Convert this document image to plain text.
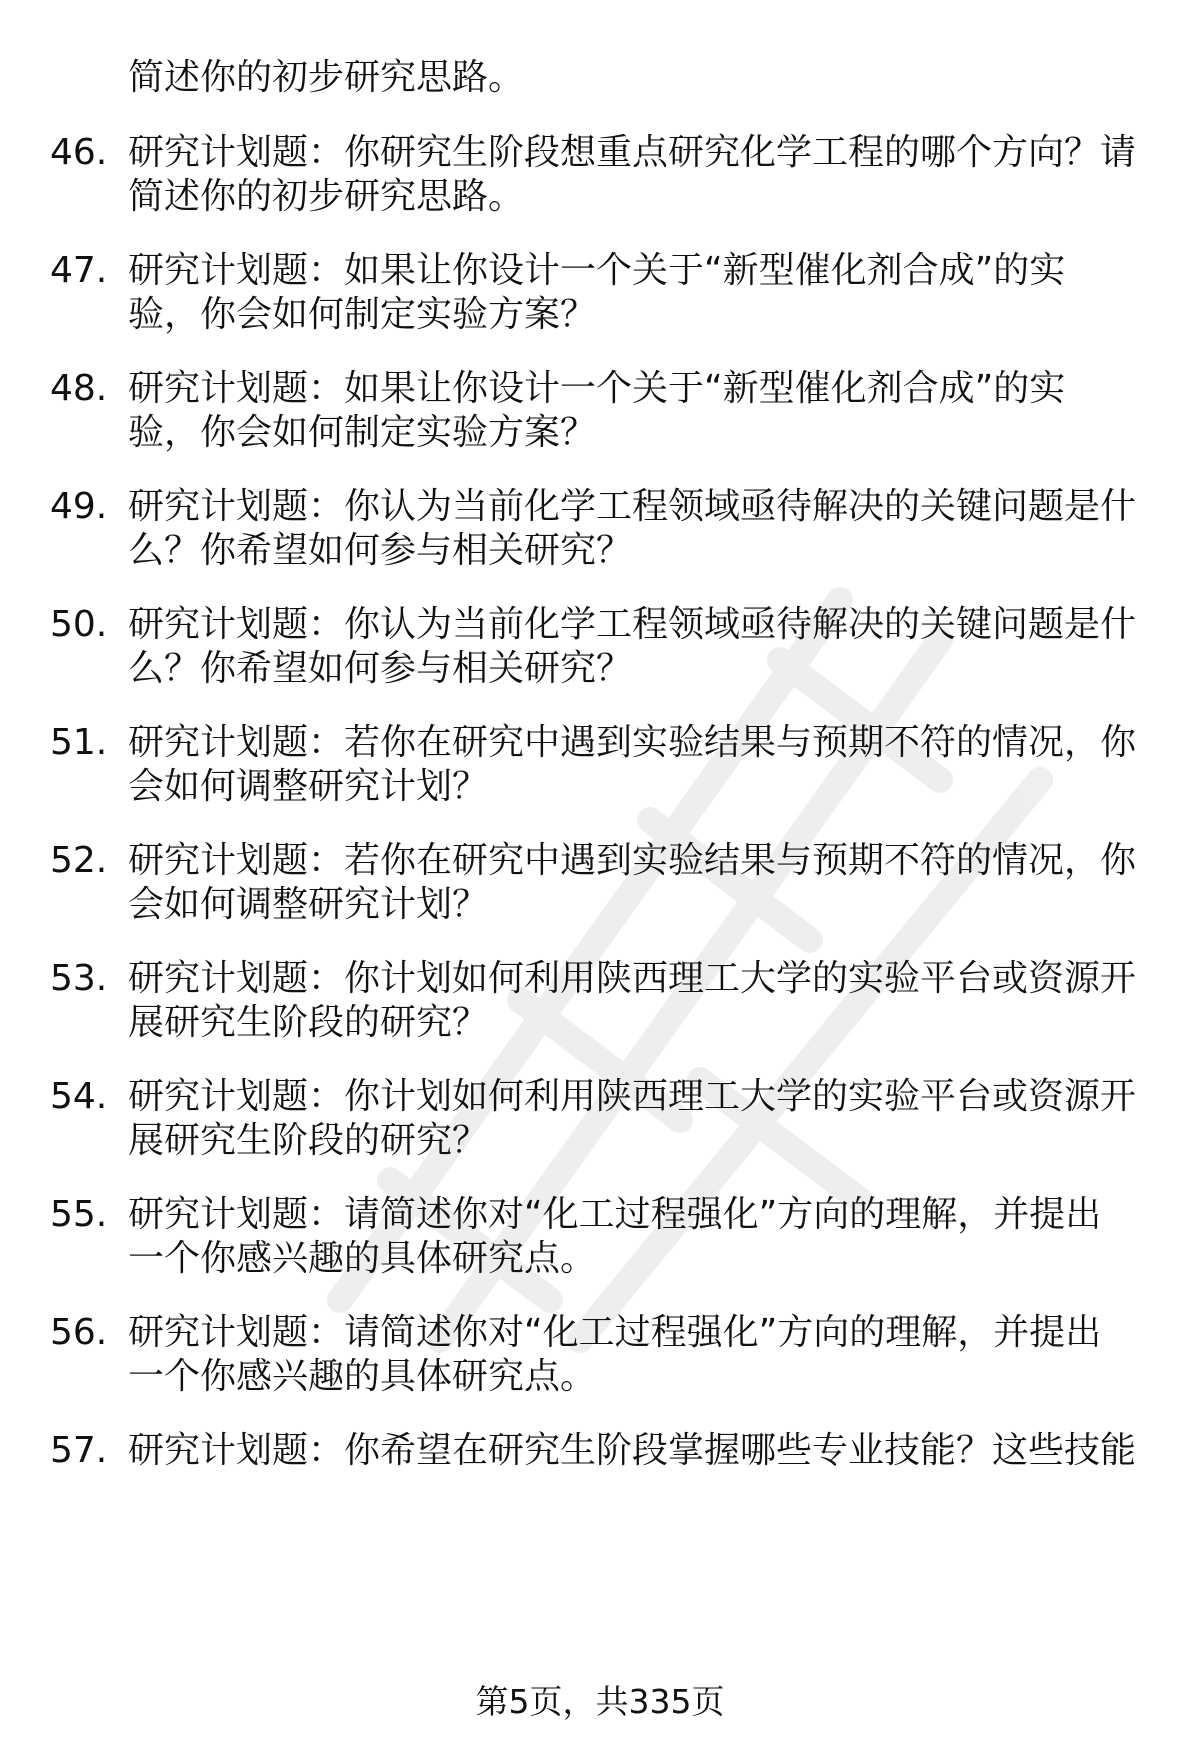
简述你的初步研究思路。
46. 研究计划题：你研究生阶段想重点研究化学工程的哪个方向？请
简述你的初步研究思路。
47. 研究计划题：如果让你设计一个关于“新型催化剂合成”的实
验，你会如何制定实验方案？
48. 研究计划题：如果让你设计一个关于“新型催化剂合成”的实
验，你会如何制定实验方案？
49. 研究计划题：你认为当前化学工程领域亟待解决的关键问题是什
么？你希望如何参与相关研究？
50. 研究计划题：你认为当前化学工程领域亟待解决的关键问题是什
么？你希望如何参与相关研究？
51. 研究计划题：若你在研究中遇到实验结果与预期不符的情况，你
会如何调整研究计划？
52. 研究计划题：若你在研究中遇到实验结果与预期不符的情况，你
会如何调整研究计划？
53. 研究计划题：你计划如何利用陕西理工大学的实验平台或资源开
展研究生阶段的研究？
54. 研究计划题：你计划如何利用陕西理工大学的实验平台或资源开
展研究生阶段的研究？
55. 研究计划题：请简述你对“化工过程强化”方向的理解，并提出
一个你感兴趣的具体研究点。
56. 研究计划题：请简述你对“化工过程强化”方向的理解，并提出
一个你感兴趣的具体研究点。
57. 研究计划题：你希望在研究生阶段掌握哪些专业技能？这些技能
第5页，共335页
